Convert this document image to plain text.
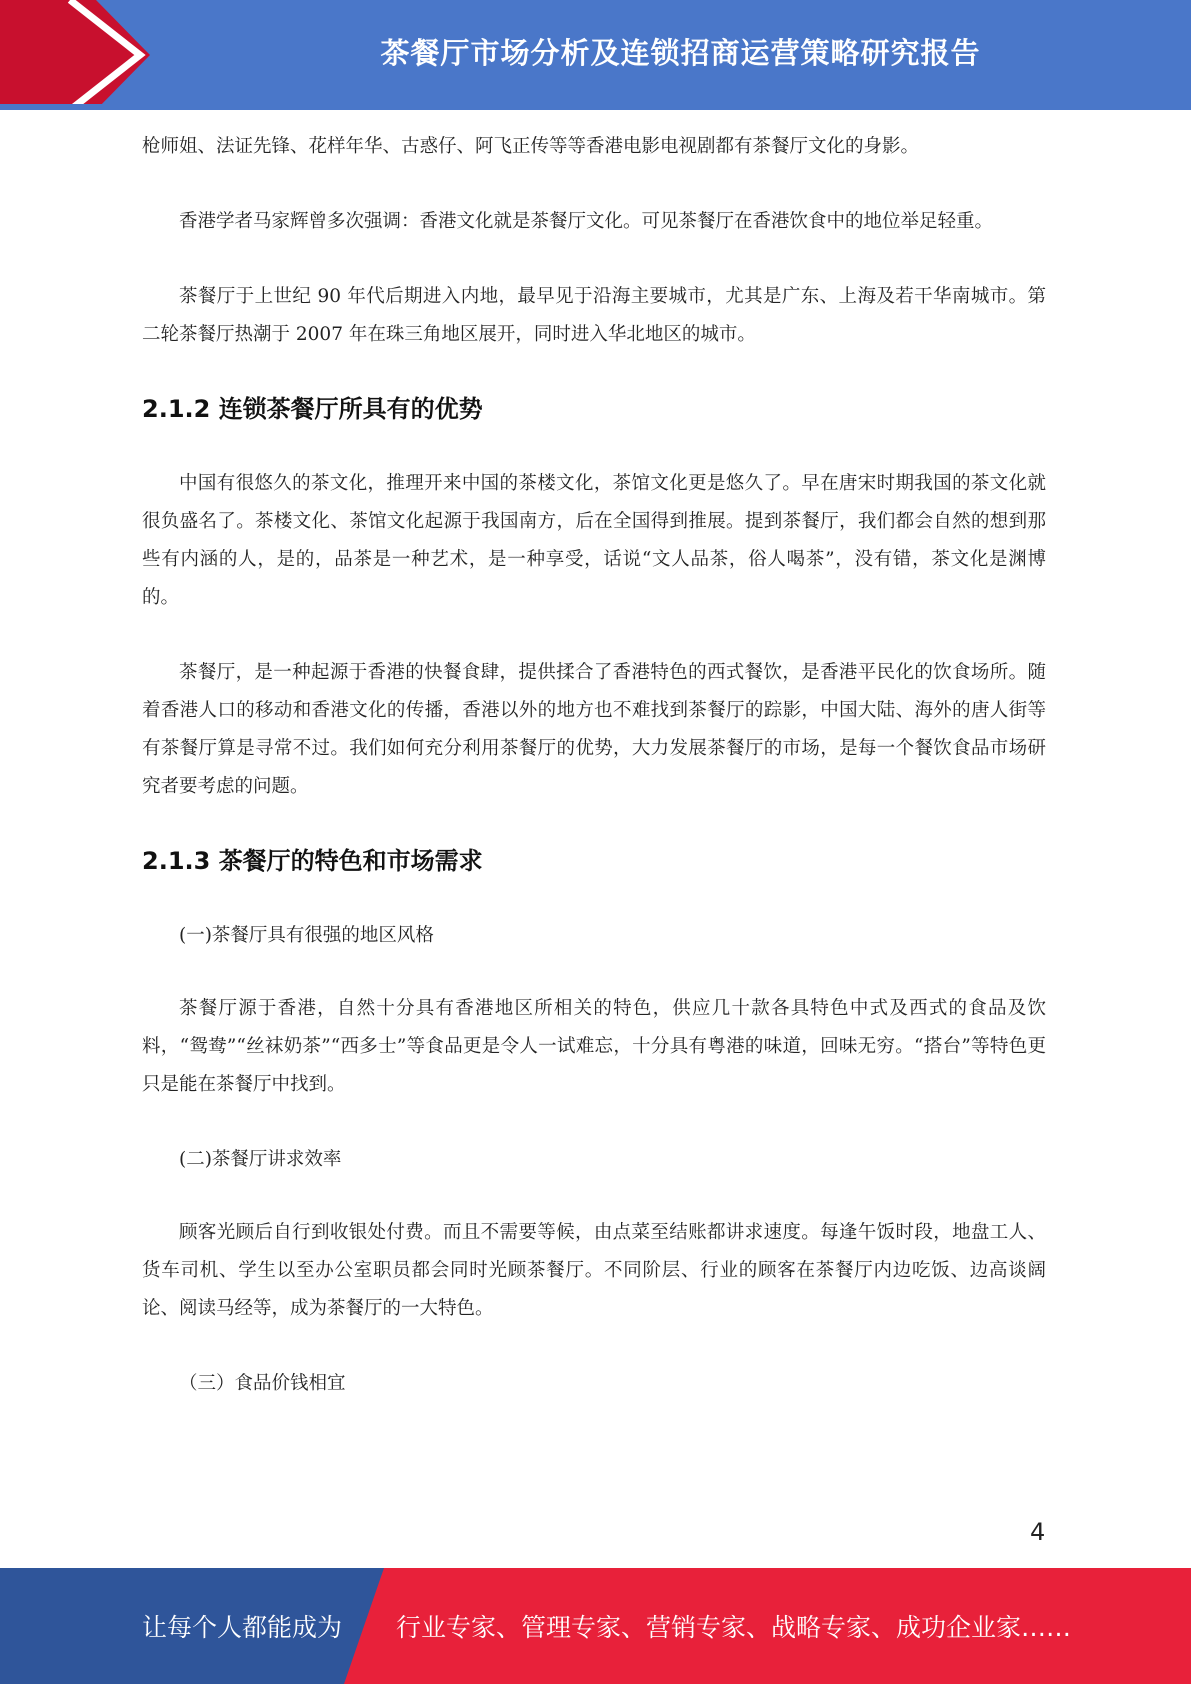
茶餐厅市场分析及连锁招商运营策略研究报告

枪师姐、法证先锋、花样年华、古惑仔、阿飞正传等等香港电影电视剧都有茶餐厅文化的身影。

香港学者马家辉曾多次强调：香港文化就是茶餐厅文化。可见茶餐厅在香港饮食中的地位举足轻重。

茶餐厅于上世纪 90 年代后期进入内地，最早见于沿海主要城市，尤其是广东、上海及若干华南城市。第二轮茶餐厅热潮于 2007 年在珠三角地区展开，同时进入华北地区的城市。

2.1.2 连锁茶餐厅所具有的优势

中国有很悠久的茶文化，推理开来中国的茶楼文化，茶馆文化更是悠久了。早在唐宋时期我国的茶文化就很负盛名了。茶楼文化、茶馆文化起源于我国南方，后在全国得到推展。提到茶餐厅，我们都会自然的想到那些有内涵的人，是的，品茶是一种艺术，是一种享受，话说“文人品茶，俗人喝茶”，没有错，茶文化是渊博的。

茶餐厅，是一种起源于香港的快餐食肆，提供揉合了香港特色的西式餐饮，是香港平民化的饮食场所。随着香港人口的移动和香港文化的传播，香港以外的地方也不难找到茶餐厅的踪影，中国大陆、海外的唐人街等有茶餐厅算是寻常不过。我们如何充分利用茶餐厅的优势，大力发展茶餐厅的市场，是每一个餐饮食品市场研究者要考虑的问题。

2.1.3 茶餐厅的特色和市场需求

(一)茶餐厅具有很强的地区风格

茶餐厅源于香港，自然十分具有香港地区所相关的特色，供应几十款各具特色中式及西式的食品及饮料，“鸳鸯”“丝袜奶茶”“西多士”等食品更是令人一试难忘，十分具有粤港的味道，回味无穷。“搭台”等特色更只是能在茶餐厅中找到。

(二)茶餐厅讲求效率

顾客光顾后自行到收银处付费。而且不需要等候，由点菜至结账都讲求速度。每逢午饭时段，地盘工人、货车司机、学生以至办公室职员都会同时光顾茶餐厅。不同阶层、行业的顾客在茶餐厅内边吃饭、边高谈阔论、阅读马经等，成为茶餐厅的一大特色。

（三）食品价钱相宜

4
让每个人都能成为 行业专家、管理专家、营销专家、战略专家、成功企业家……
